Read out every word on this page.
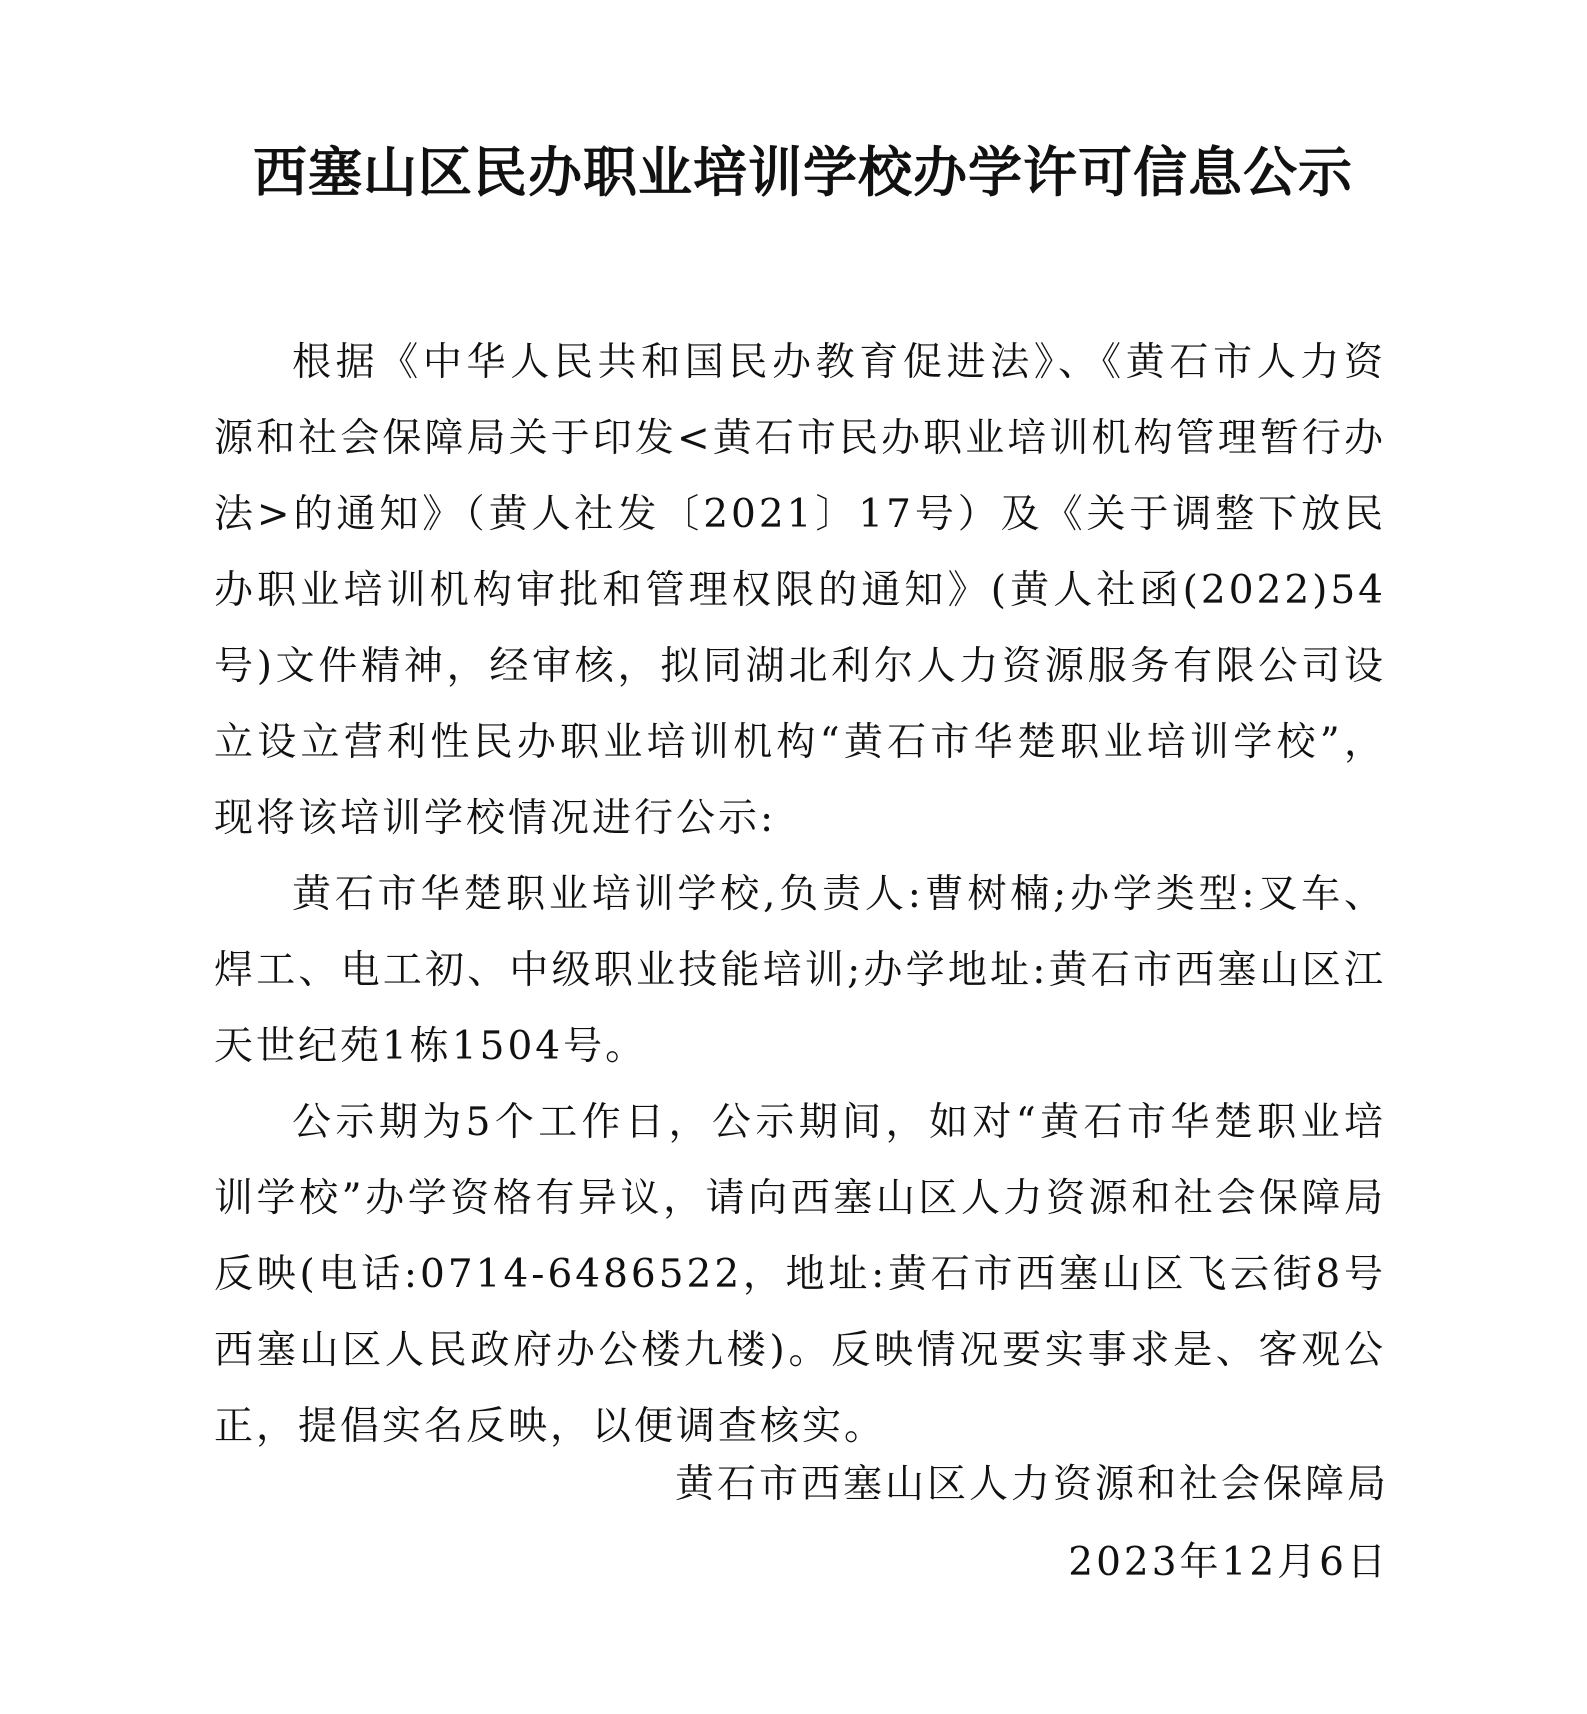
西塞山区民办职业培训学校办学许可信息公示

根据《中华人民共和国民办教育促进法》、《黄石市人力资源和社会保障局关于印发<黄石市民办职业培训机构管理暂行办法>的通知》（黄人社发〔2021〕17号）及《关于调整下放民办职业培训机构审批和管理权限的通知》(黄人社函(2022)54号)文件精神，经审核，拟同湖北利尔人力资源服务有限公司设立设立营利性民办职业培训机构“黄石市华楚职业培训学校”，现将该培训学校情况进行公示:

黄石市华楚职业培训学校,负责人:曹树楠;办学类型:叉车、焊工、电工初、中级职业技能培训;办学地址:黄石市西塞山区江天世纪苑1栋1504号。

公示期为5个工作日，公示期间，如对“黄石市华楚职业培训学校”办学资格有异议，请向西塞山区人力资源和社会保障局反映(电话:0714-6486522，地址:黄石市西塞山区飞云街8号西塞山区人民政府办公楼九楼)。反映情况要实事求是、客观公正，提倡实名反映，以便调查核实。

黄石市西塞山区人力资源和社会保障局
2023年12月6日
